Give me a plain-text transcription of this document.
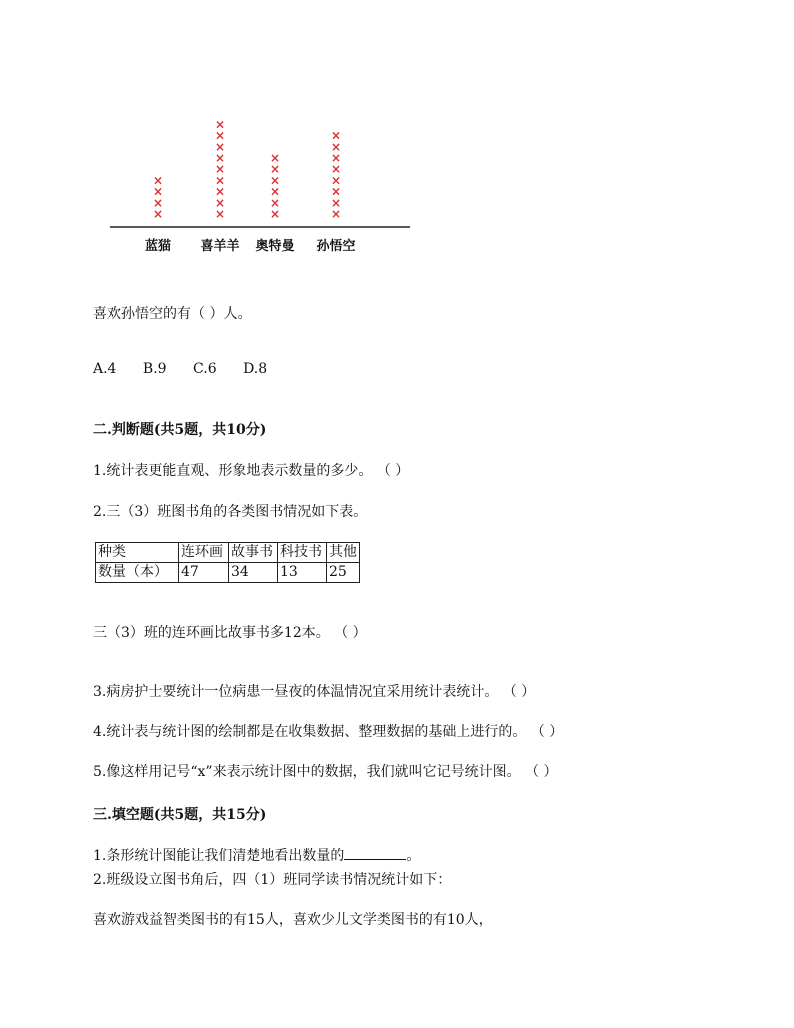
×
×
×
×
×
×
×
×
×
×
×
×
×
×
×
×
×
×
×
×
×
×
×
×
×
×
×
蓝猫 喜羊羊 奥特曼 孙悟空
喜欢孙悟空的有（ ）人。
A.4 B.9 C.6 D.8
二.判断题(共5题，共10分)
1.统计表更能直观、形象地表示数量的多少。 （ ）
2.三（3）班图书角的各类图书情况如下表。
种类	连环画	故事书	科技书	其他
数量（本）	47	34	13	25
三（3）班的连环画比故事书多12本。 （ ）
3.病房护士要统计一位病患一昼夜的体温情况宜采用统计表统计。 （ ）
4.统计表与统计图的绘制都是在收集数据、整理数据的基础上进行的。 （ ）
5.像这样用记号“x”来表示统计图中的数据，我们就叫它记号统计图。 （ ）
三.填空题(共5题，共15分)
1.条形统计图能让我们清楚地看出数量的	。
2.班级设立图书角后，四（1）班同学读书情况统计如下：
喜欢游戏益智类图书的有15人，喜欢少儿文学类图书的有10人，
